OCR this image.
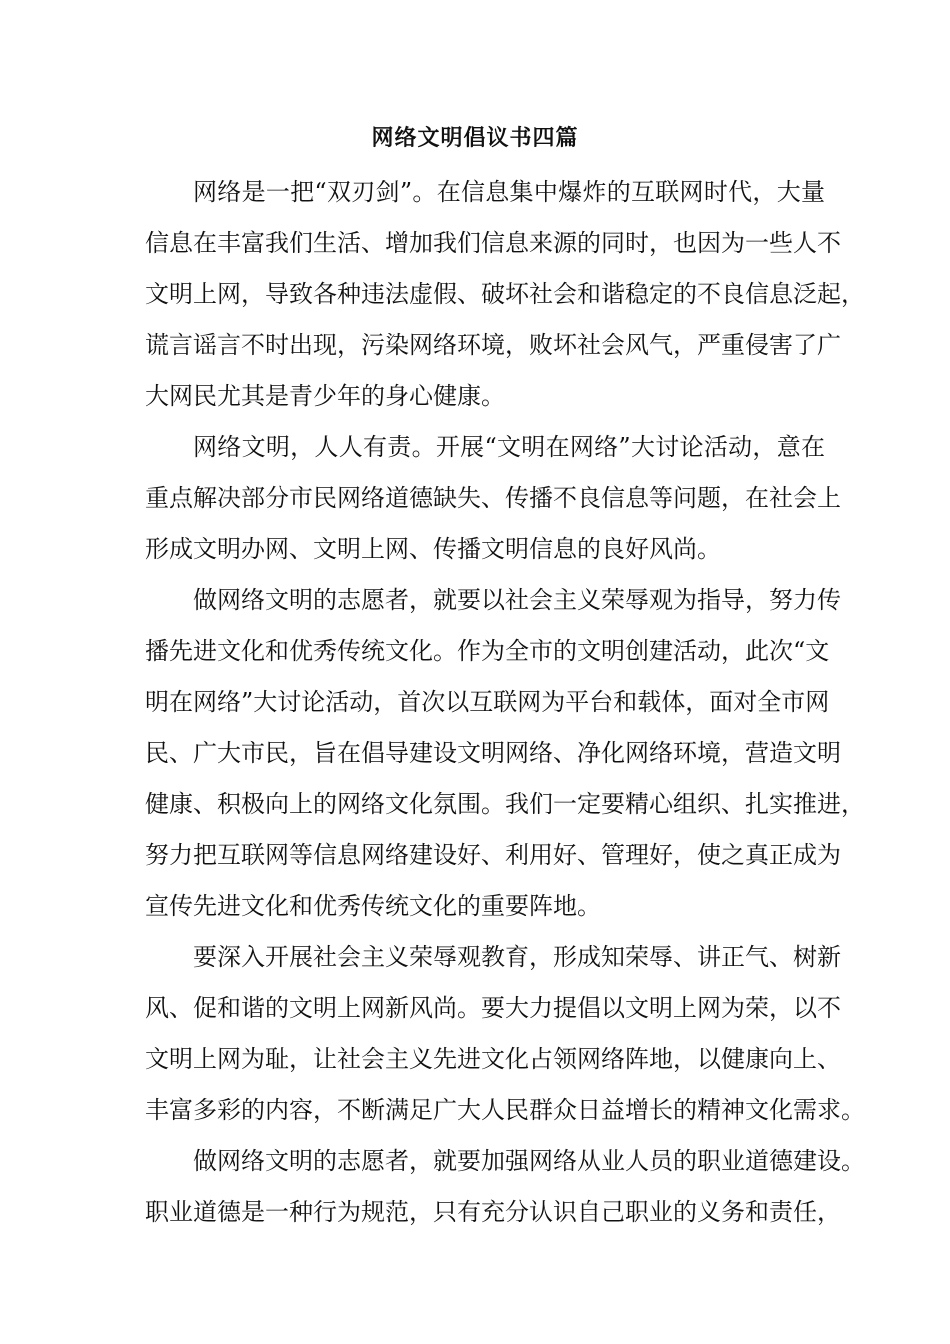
网络文明倡议书四篇
网络是一把“双刃剑”。在信息集中爆炸的互联网时代，大量
信息在丰富我们生活、增加我们信息来源的同时，也因为一些人不
文明上网，导致各种违法虚假、破坏社会和谐稳定的不良信息泛起，
谎言谣言不时出现，污染网络环境，败坏社会风气，严重侵害了广
大网民尤其是青少年的身心健康。
网络文明，人人有责。开展“文明在网络”大讨论活动，意在
重点解决部分市民网络道德缺失、传播不良信息等问题，在社会上
形成文明办网、文明上网、传播文明信息的良好风尚。
做网络文明的志愿者，就要以社会主义荣辱观为指导，努力传
播先进文化和优秀传统文化。作为全市的文明创建活动，此次“文
明在网络”大讨论活动，首次以互联网为平台和载体，面对全市网
民、广大市民，旨在倡导建设文明网络、净化网络环境，营造文明
健康、积极向上的网络文化氛围。我们一定要精心组织、扎实推进，
努力把互联网等信息网络建设好、利用好、管理好，使之真正成为
宣传先进文化和优秀传统文化的重要阵地。
要深入开展社会主义荣辱观教育，形成知荣辱、讲正气、树新
风、促和谐的文明上网新风尚。要大力提倡以文明上网为荣，以不
文明上网为耻，让社会主义先进文化占领网络阵地，以健康向上、
丰富多彩的内容，不断满足广大人民群众日益增长的精神文化需求。
做网络文明的志愿者，就要加强网络从业人员的职业道德建设。
职业道德是一种行为规范，只有充分认识自己职业的义务和责任，
